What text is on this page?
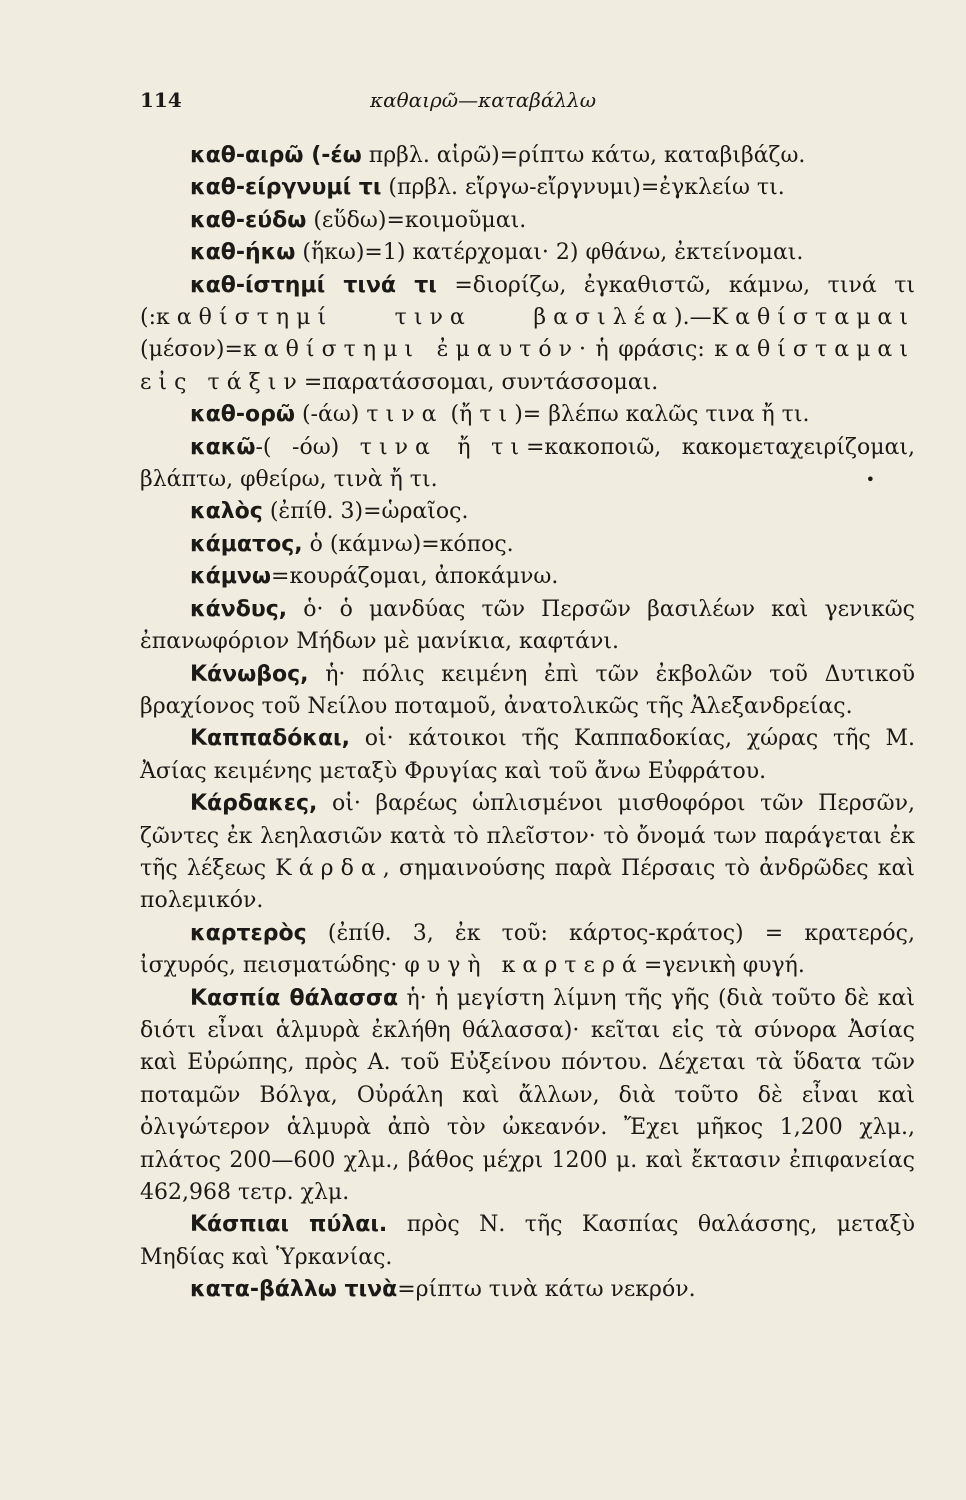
114	καθαιρῶ—καταβάλλω

καθ-αιρῶ (-έω πρβλ. αἱρῶ)=ρίπτω κάτω, καταβιβάζω.

καθ-είργνυμί τι (πρβλ. εἴργω-εἴργνυμι)=ἐγκλείω τι.

καθ-εύδω (εὕδω)=κοιμοῦμαι.

καθ-ήκω (ἥκω)=1) κατέρχομαι· 2) φθάνω, ἐκτείνομαι.

καθ-ίστημί τινά τι =διορίζω, ἐγκαθιστῶ, κάμνω, τινά τι (:καθίστημί τινα βασιλέα).—Καθίσταμαι (μέσον)=καθίστημι ἐμαυτόν· ἡ φράσις: καθίσταμαι εἰς τάξιν=παρατάσσομαι, συντάσσομαι.

καθ-ορῶ (-άω) τινα (ἤ τι)= βλέπω καλῶς τινα ἤ τι.

κακῶ-( -όω) τινα ἤ τι=κακοποιῶ, κακομεταχειρίζομαι, βλάπτω, φθείρω, τινὰ ἤ τι.	•

καλὸς (ἐπίθ. 3)=ὡραῖος.

κάματος, ὁ (κάμνω)=κόπος.

κάμνω=κουράζομαι, ἀποκάμνω.

κάνδυς, ὁ· ὁ μανδύας τῶν Περσῶν βασιλέων καὶ γενικῶς ἐπανωφόριον Μήδων μὲ μανίκια, καφτάνι.

Κάνωβος, ἡ· πόλις κειμένη ἐπὶ τῶν ἐκβολῶν τοῦ Δυτικοῦ βραχίονος τοῦ Νείλου ποταμοῦ, ἀνατολικῶς τῆς Ἀλεξανδρείας.

Καππαδόκαι, οἱ· κάτοικοι τῆς Καππαδοκίας, χώρας τῆς Μ. Ἀσίας κειμένης μεταξὺ Φρυγίας καὶ τοῦ ἄνω Εὐφράτου.

Κάρδακες, οἱ· βαρέως ὡπλισμένοι μισθοφόροι τῶν Περσῶν, ζῶντες ἐκ λεηλασιῶν κατὰ τὸ πλεῖστον· τὸ ὄνομά των παράγεται ἐκ τῆς λέξεως Κάρδα, σημαινούσης παρὰ Πέρσαις τὸ ἀνδρῶδες καὶ πολεμικόν.

καρτερὸς (ἐπίθ. 3, ἐκ τοῦ: κάρτος-κράτος) = κρατερός, ἰσχυρός, πεισματώδης· φυγὴ καρτερά=γενικὴ φυγή.

Κασπία θάλασσα ἡ· ἡ μεγίστη λίμνη τῆς γῆς (διὰ τοῦτο δὲ καὶ διότι εἶναι ἁλμυρὰ ἐκλήθη θάλασσα)· κεῖται εἰς τὰ σύνορα Ἀσίας καὶ Εὐρώπης, πρὸς Α. τοῦ Εὐξείνου πόντου. Δέχεται τὰ ὕδατα τῶν ποταμῶν Βόλγα, Οὐράλη καὶ ἄλλων, διὰ τοῦτο δὲ εἶναι καὶ ὀλιγώτερον ἁλμυρὰ ἀπὸ τὸν ὠκεανόν. Ἔχει μῆκος 1,200 χλμ., πλάτος 200—600 χλμ., βάθος μέχρι 1200 μ. καὶ ἔκτασιν ἐπιφανείας 462,968 τετρ. χλμ.

Κάσπιαι πύλαι. πρὸς Ν. τῆς Κασπίας θαλάσσης, μεταξὺ Μηδίας καὶ Ὑρκανίας.

κατα-βάλλω τινὰ=ρίπτω τινὰ κάτω νεκρόν.
